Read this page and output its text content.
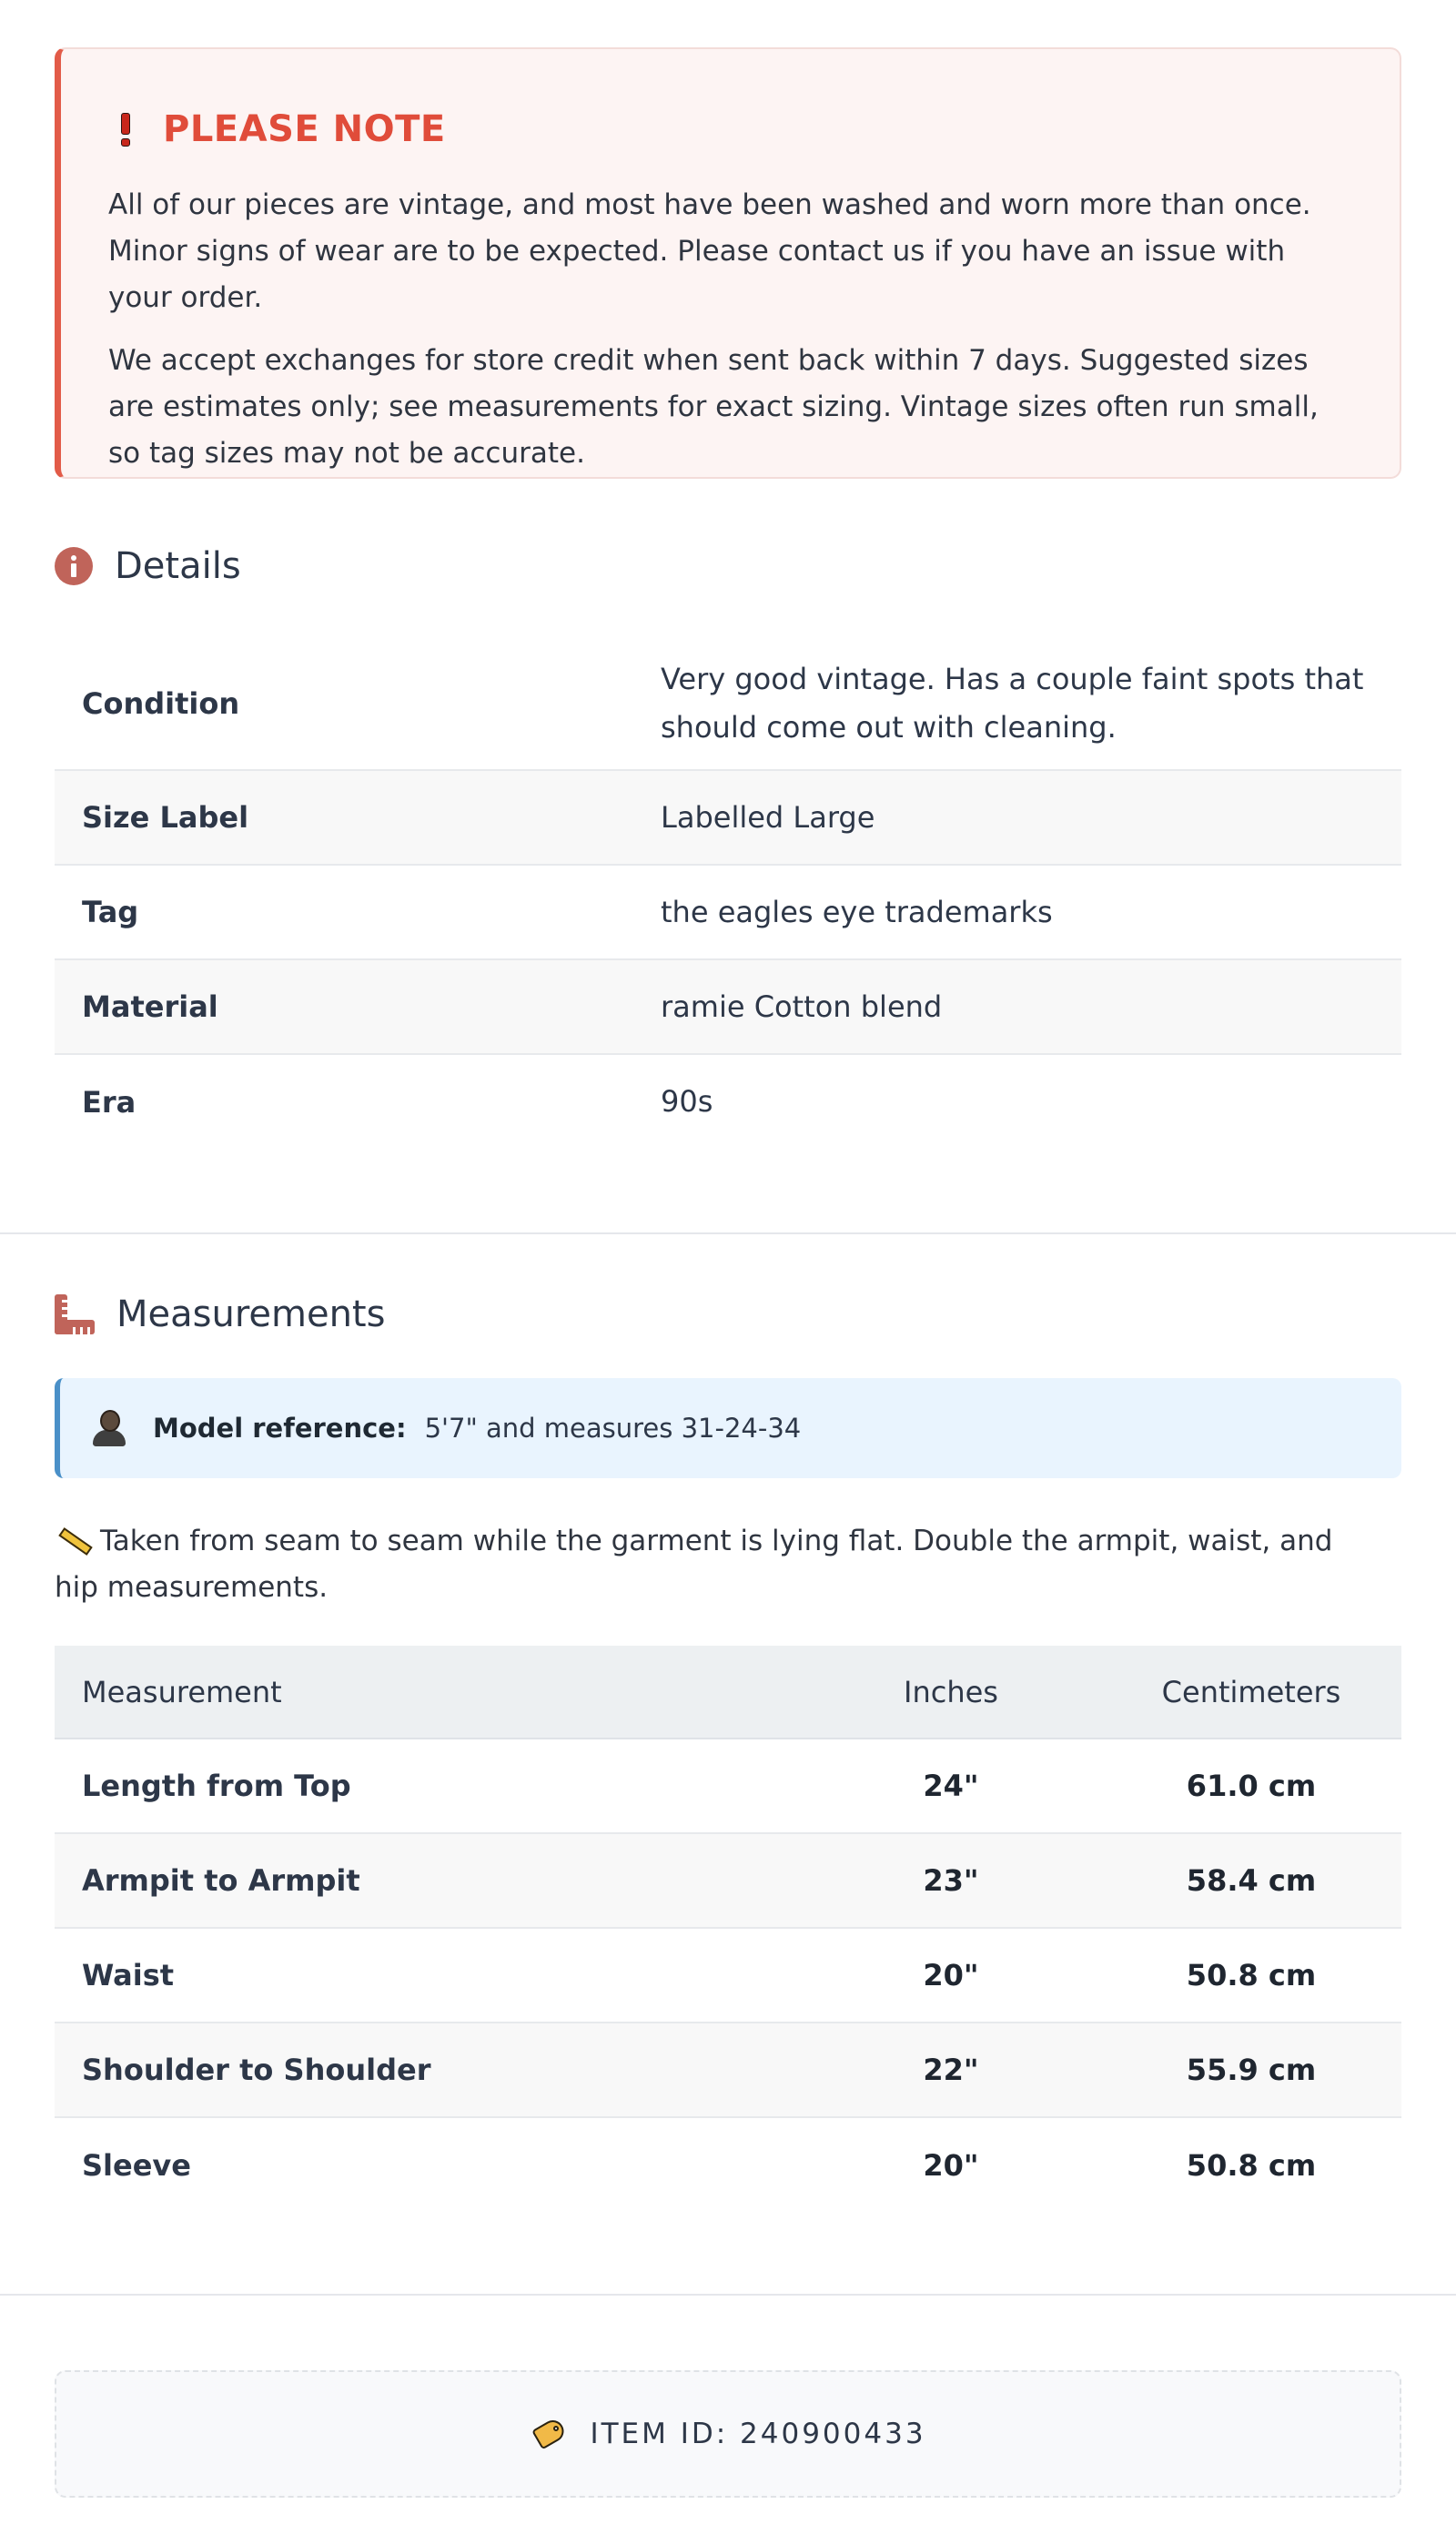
PLEASE NOTE

All of our pieces are vintage, and most have been washed and worn more than once. Minor signs of wear are to be expected. Please contact us if you have an issue with your order.

We accept exchanges for store credit when sent back within 7 days. Suggested sizes are estimates only; see measurements for exact sizing. Vintage sizes often run small, so tag sizes may not be accurate.

Details
Condition	Very good vintage. Has a couple faint spots that should come out with cleaning.
Size Label	Labelled Large
Tag	the eagles eye trademarks
Material	ramie Cotton blend
Era	90s
Measurements
Model reference: 5'7" and measures 31-24-34
Taken from seam to seam while the garment is lying flat. Double the armpit, waist, and hip measurements.
Measurement	Inches	Centimeters
Length from Top	24"	61.0 cm
Armpit to Armpit	23"	58.4 cm
Waist	20"	50.8 cm
Shoulder to Shoulder	22"	55.9 cm
Sleeve	20"	50.8 cm
ITEM ID: 240900433
